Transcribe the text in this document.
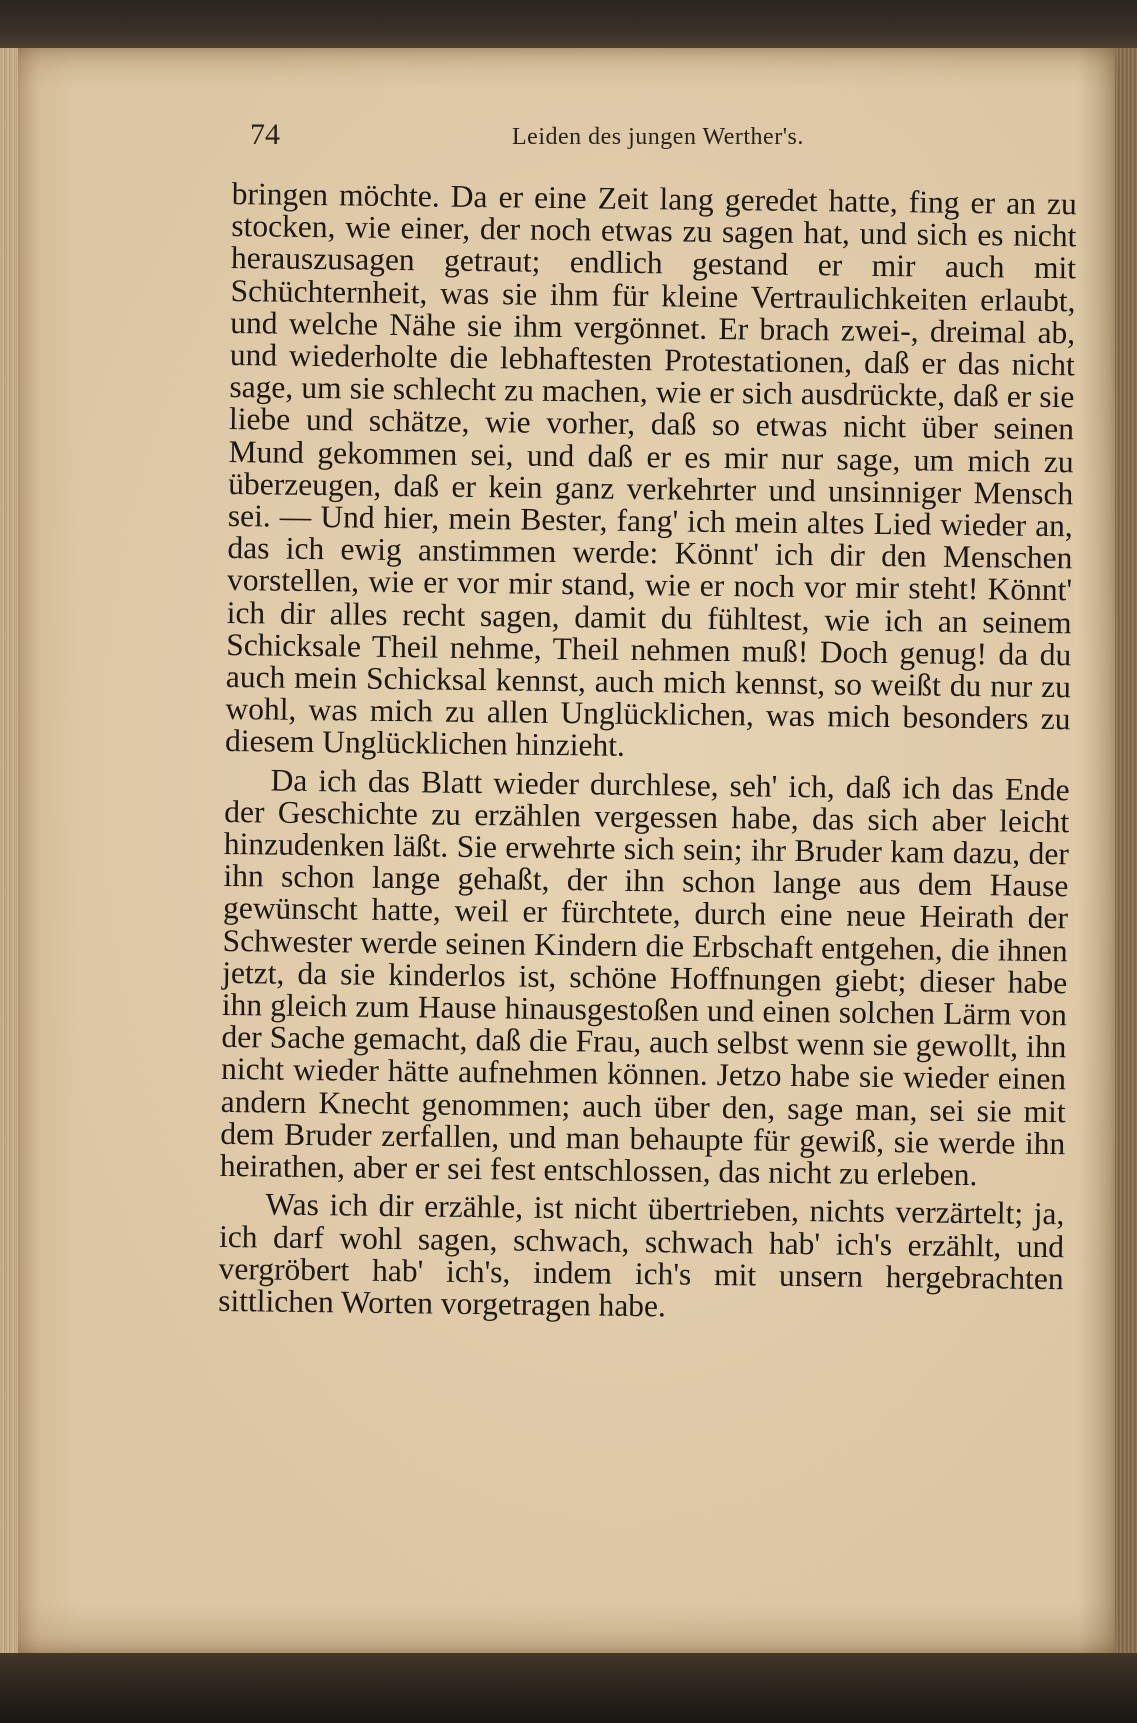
74	Leiden des jungen Werther's.

bringen möchte. Da er eine Zeit lang geredet hatte, fing er an zu stocken, wie einer, der noch etwas zu sagen hat, und sich es nicht herauszusagen getraut; endlich gestand er mir auch mit Schüchternheit, was sie ihm für kleine Vertraulichkeiten erlaubt, und welche Nähe sie ihm vergönnet. Er brach zwei-, dreimal ab, und wiederholte die lebhaftesten Protestationen, daß er das nicht sage, um sie schlecht zu machen, wie er sich ausdrückte, daß er sie liebe und schätze, wie vorher, daß so etwas nicht über seinen Mund gekommen sei, und daß er es mir nur sage, um mich zu überzeugen, daß er kein ganz verkehrter und unsinniger Mensch sei. — Und hier, mein Bester, fang' ich mein altes Lied wieder an, das ich ewig anstimmen werde: Könnt' ich dir den Menschen vorstellen, wie er vor mir stand, wie er noch vor mir steht! Könnt' ich dir alles recht sagen, damit du fühltest, wie ich an seinem Schicksale Theil nehme, Theil nehmen muß! Doch genug! da du auch mein Schicksal kennst, auch mich kennst, so weißt du nur zu wohl, was mich zu allen Unglücklichen, was mich besonders zu diesem Unglücklichen hinzieht.

Da ich das Blatt wieder durchlese, seh' ich, daß ich das Ende der Geschichte zu erzählen vergessen habe, das sich aber leicht hinzudenken läßt. Sie erwehrte sich sein; ihr Bruder kam dazu, der ihn schon lange gehaßt, der ihn schon lange aus dem Hause gewünscht hatte, weil er fürchtete, durch eine neue Heirath der Schwester werde seinen Kindern die Erbschaft entgehen, die ihnen jetzt, da sie kinderlos ist, schöne Hoffnungen giebt; dieser habe ihn gleich zum Hause hinausgestoßen und einen solchen Lärm von der Sache gemacht, daß die Frau, auch selbst wenn sie gewollt, ihn nicht wieder hätte aufnehmen können. Jetzo habe sie wieder einen andern Knecht genommen; auch über den, sage man, sei sie mit dem Bruder zerfallen, und man behaupte für gewiß, sie werde ihn heirathen, aber er sei fest entschlossen, das nicht zu erleben.

Was ich dir erzähle, ist nicht übertrieben, nichts verzärtelt; ja, ich darf wohl sagen, schwach, schwach hab' ich's erzählt, und vergröbert hab' ich's, indem ich's mit unsern hergebrachten sittlichen Worten vorgetragen habe.
